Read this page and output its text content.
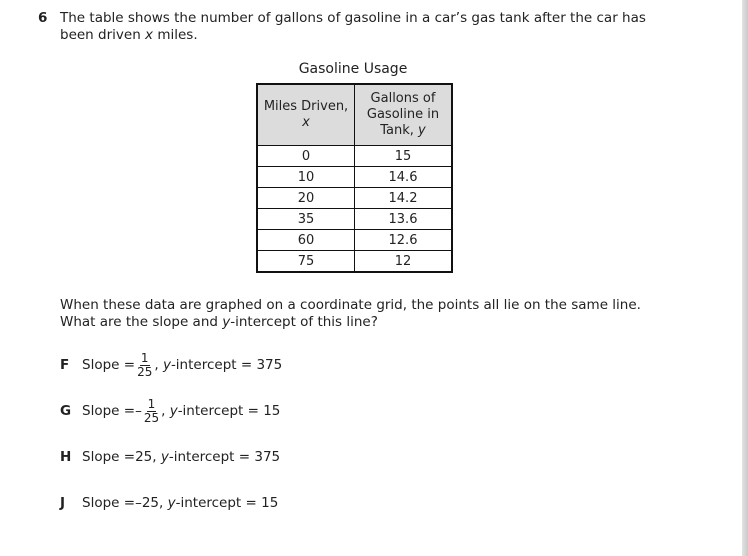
6 The table shows the number of gallons of gasoline in a car’s gas tank after the car has been driven x miles.
Gasoline Usage
Miles Driven,
x	Gallons of
Gasoline in
Tank, y
0	15
10	14.6
20	14.2
35	13.6
60	12.6
75	12
When these data are graphed on a coordinate grid, the points all lie on the same line. What are the slope and y-intercept of this line?
F Slope = $\frac{1}{25}$ , y -intercept = 375
G Slope = – $\frac{1}{25}$ , y -intercept = 15
H Slope = 25 , y -intercept = 375
J	Slope = –25 , y -intercept = 15
